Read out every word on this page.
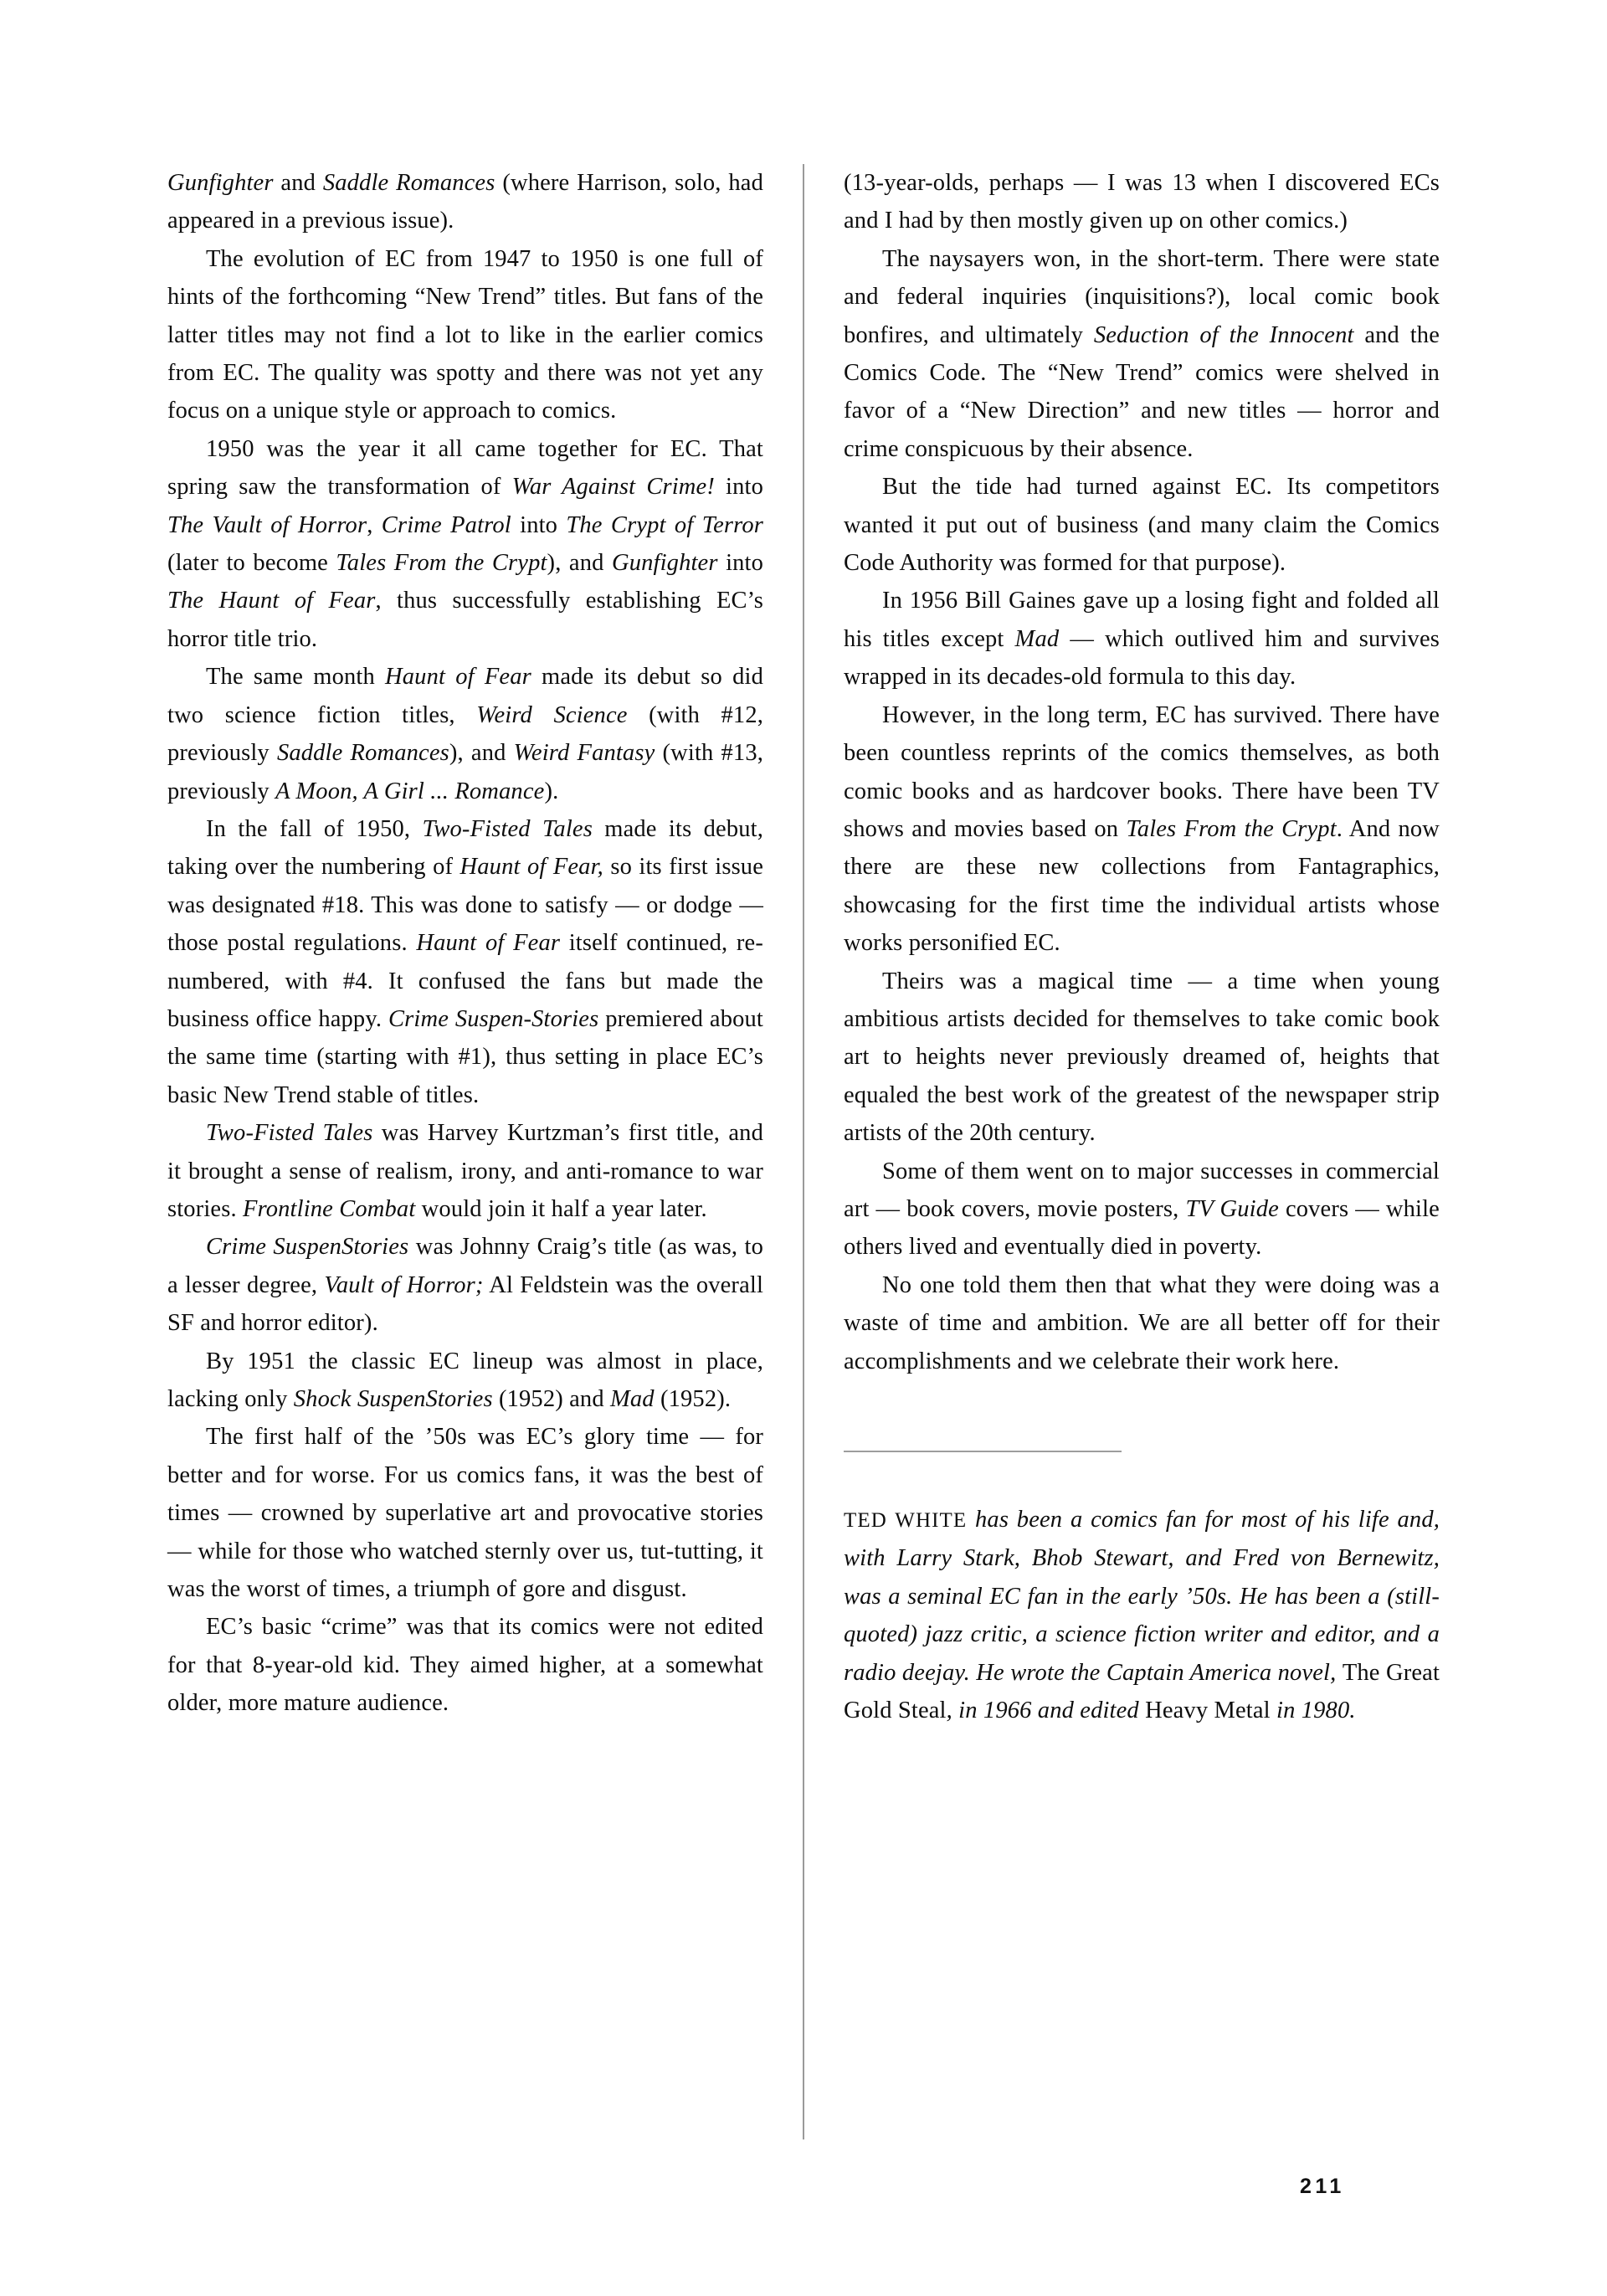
Gunfighter and Saddle Romances (where Harrison, solo, had appeared in a previous issue).

The evolution of EC from 1947 to 1950 is one full of hints of the forthcoming “New Trend” titles. But fans of the latter titles may not find a lot to like in the earlier comics from EC. The quality was spotty and there was not yet any focus on a unique style or approach to comics.

1950 was the year it all came together for EC. That spring saw the transformation of War Against Crime! into The Vault of Horror, Crime Patrol into The Crypt of Terror (later to become Tales From the Crypt), and Gunfighter into The Haunt of Fear, thus successfully establishing EC’s horror title trio.

The same month Haunt of Fear made its debut so did two science fiction titles, Weird Science (with #12, previously Saddle Romances), and Weird Fantasy (with #13, previously A Moon, A Girl ... Romance).

In the fall of 1950, Two-Fisted Tales made its debut, taking over the numbering of Haunt of Fear, so its first issue was designated #18. This was done to satisfy — or dodge — those postal regulations. Haunt of Fear itself continued, re-numbered, with #4. It confused the fans but made the business office happy. Crime Suspen-Stories premiered about the same time (starting with #1), thus setting in place EC’s basic New Trend stable of titles.

Two-Fisted Tales was Harvey Kurtzman’s first title, and it brought a sense of realism, irony, and anti-romance to war stories. Frontline Combat would join it half a year later.

Crime SuspenStories was Johnny Craig’s title (as was, to a lesser degree, Vault of Horror; Al Feldstein was the overall SF and horror editor).

By 1951 the classic EC lineup was almost in place, lacking only Shock SuspenStories (1952) and Mad (1952).

The first half of the ’50s was EC’s glory time — for better and for worse. For us comics fans, it was the best of times — crowned by superlative art and provocative stories — while for those who watched sternly over us, tut-tutting, it was the worst of times, a triumph of gore and disgust.

EC’s basic “crime” was that its comics were not edited for that 8-year-old kid. They aimed higher, at a somewhat older, more mature audience.

(13-year-olds, perhaps — I was 13 when I discovered ECs and I had by then mostly given up on other comics.)

The naysayers won, in the short-term. There were state and federal inquiries (inquisitions?), local comic book bonfires, and ultimately Seduction of the Innocent and the Comics Code. The “New Trend” comics were shelved in favor of a “New Direction” and new titles — horror and crime conspicuous by their absence.

But the tide had turned against EC. Its competitors wanted it put out of business (and many claim the Comics Code Authority was formed for that purpose).

In 1956 Bill Gaines gave up a losing fight and folded all his titles except Mad — which outlived him and survives wrapped in its decades-old formula to this day.

However, in the long term, EC has survived. There have been countless reprints of the comics themselves, as both comic books and as hardcover books. There have been TV shows and movies based on Tales From the Crypt. And now there are these new collections from Fantagraphics, showcasing for the first time the individual artists whose works personified EC.

Theirs was a magical time — a time when young ambitious artists decided for themselves to take comic book art to heights never previously dreamed of, heights that equaled the best work of the greatest of the newspaper strip artists of the 20th century.

Some of them went on to major successes in commercial art — book covers, movie posters, TV Guide covers — while others lived and eventually died in poverty.

No one told them then that what they were doing was a waste of time and ambition. We are all better off for their accomplishments and we celebrate their work here.

TED WHITE has been a comics fan for most of his life and, with Larry Stark, Bhob Stewart, and Fred von Bernewitz, was a seminal EC fan in the early ’50s. He has been a (still-quoted) jazz critic, a science fiction writer and editor, and a radio deejay. He wrote the Captain America novel, The Great Gold Steal, in 1966 and edited Heavy Metal in 1980.

211
